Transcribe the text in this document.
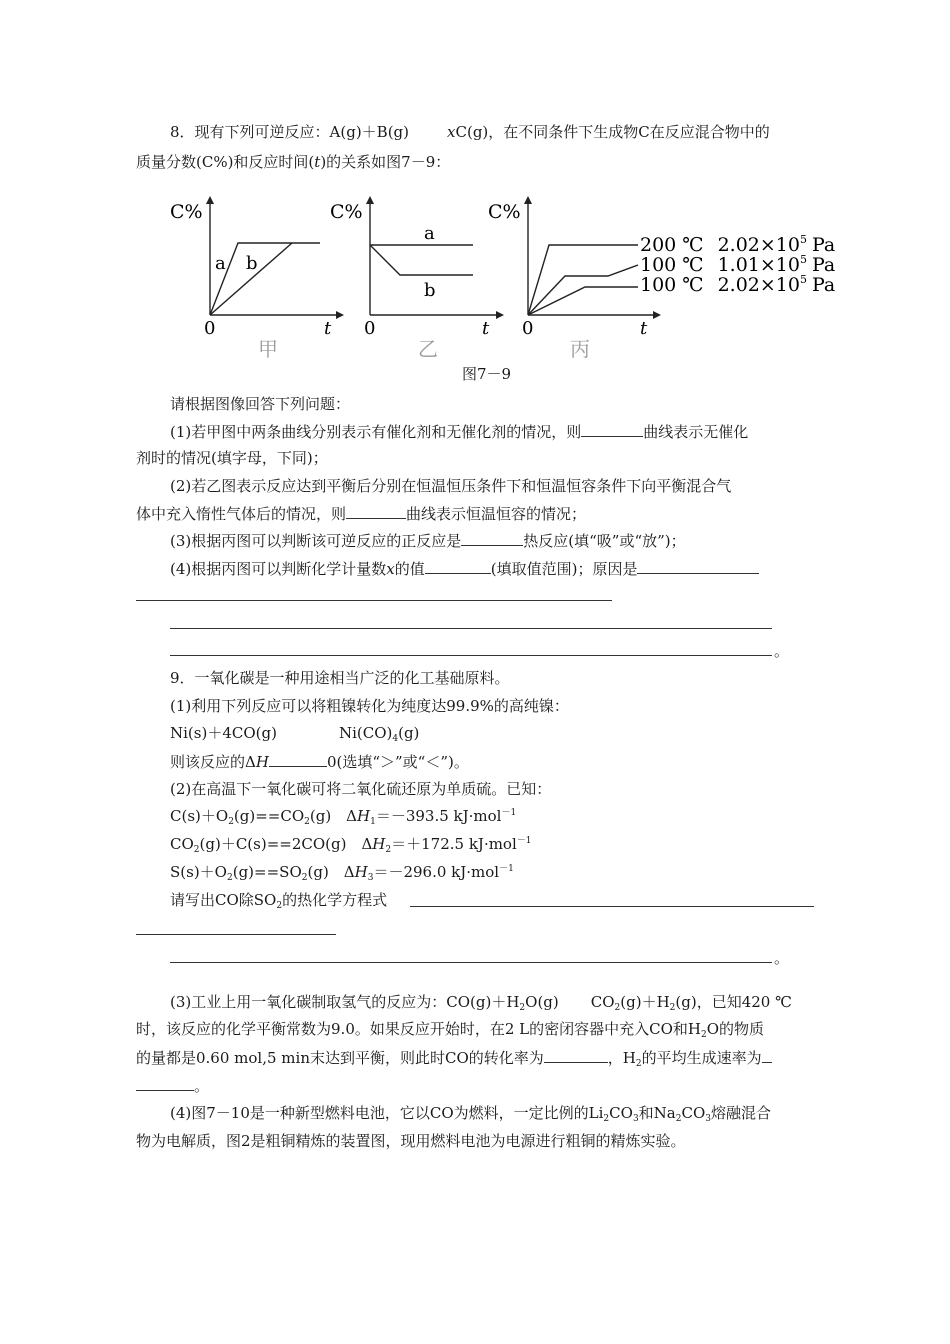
8．现有下列可逆反应：A(g)＋B(g)	xC(g)，在不同条件下生成物C在反应混合物中的
质量分数(C%)和反应时间(t)的关系如图7－9：
C%
0	t
a b
甲
C%
0	t
a
b
乙
C%
0	t
丙
200 ℃ $2.02\times 10^5$ Pa
100 ℃ $1.01\times 10^5$ Pa
100 ℃ $2.02\times 10^5$ Pa
图7－9
请根据图像回答下列问题：
(1)若甲图中两条曲线分别表示有催化剂和无催化剂的情况，则	曲线表示无催化
剂时的情况(填字母，下同)；
(2)若乙图表示反应达到平衡后分别在恒温恒压条件下和恒温恒容条件下向平衡混合气
体中充入惰性气体后的情况，则	曲线表示恒温恒容的情况；
(3)根据丙图可以判断该可逆反应的正反应是	热反应(填“吸”或“放”)；
(4)根据丙图可以判断化学计量数x的值	(填取值范围)；原因是
。
9．一氧化碳是一种用途相当广泛的化工基础原料。
(1)利用下列反应可以将粗镍转化为纯度达99.9%的高纯镍：
Ni(s)＋4CO(g)	$Ni(CO)_4(g)$
则该反应的ΔH	0(选填“＞”或“＜”)。
(2)在高温下一氧化碳可将二氧化硫还原为单质硫。已知：
$C(s)+O_2(g)==CO_2(g)$　$\Delta H_1=-393.5$ kJ·mol$^{-1}$
$CO_2(g)+C(s)==2CO(g)$　$\Delta H_2=+172.5$ kJ·mol$^{-1}$
$S(s)+O_2(g)==SO_2(g)$　$\Delta H_3=-296.0$ kJ·mol$^{-1}$
请写出CO除$SO_2$的热化学方程式
。
(3)工业上用一氧化碳制取氢气的反应为：$CO(g)+H_2O(g)$ $CO_2(g)+H_2(g)$，已知420 ℃
时，该反应的化学平衡常数为9.0。如果反应开始时，在2 L的密闭容器中充入CO和$H_2O$的物质
的量都是0.60 mol,5 min末达到平衡，则此时CO的转化率为	，$H_2$的平均生成速率为
。
(4)图7－10是一种新型燃料电池，它以CO为燃料，一定比例的$Li_2CO_3$和$Na_2CO_3$熔融混合
物为电解质，图2是粗铜精炼的装置图，现用燃料电池为电源进行粗铜的精炼实验。
